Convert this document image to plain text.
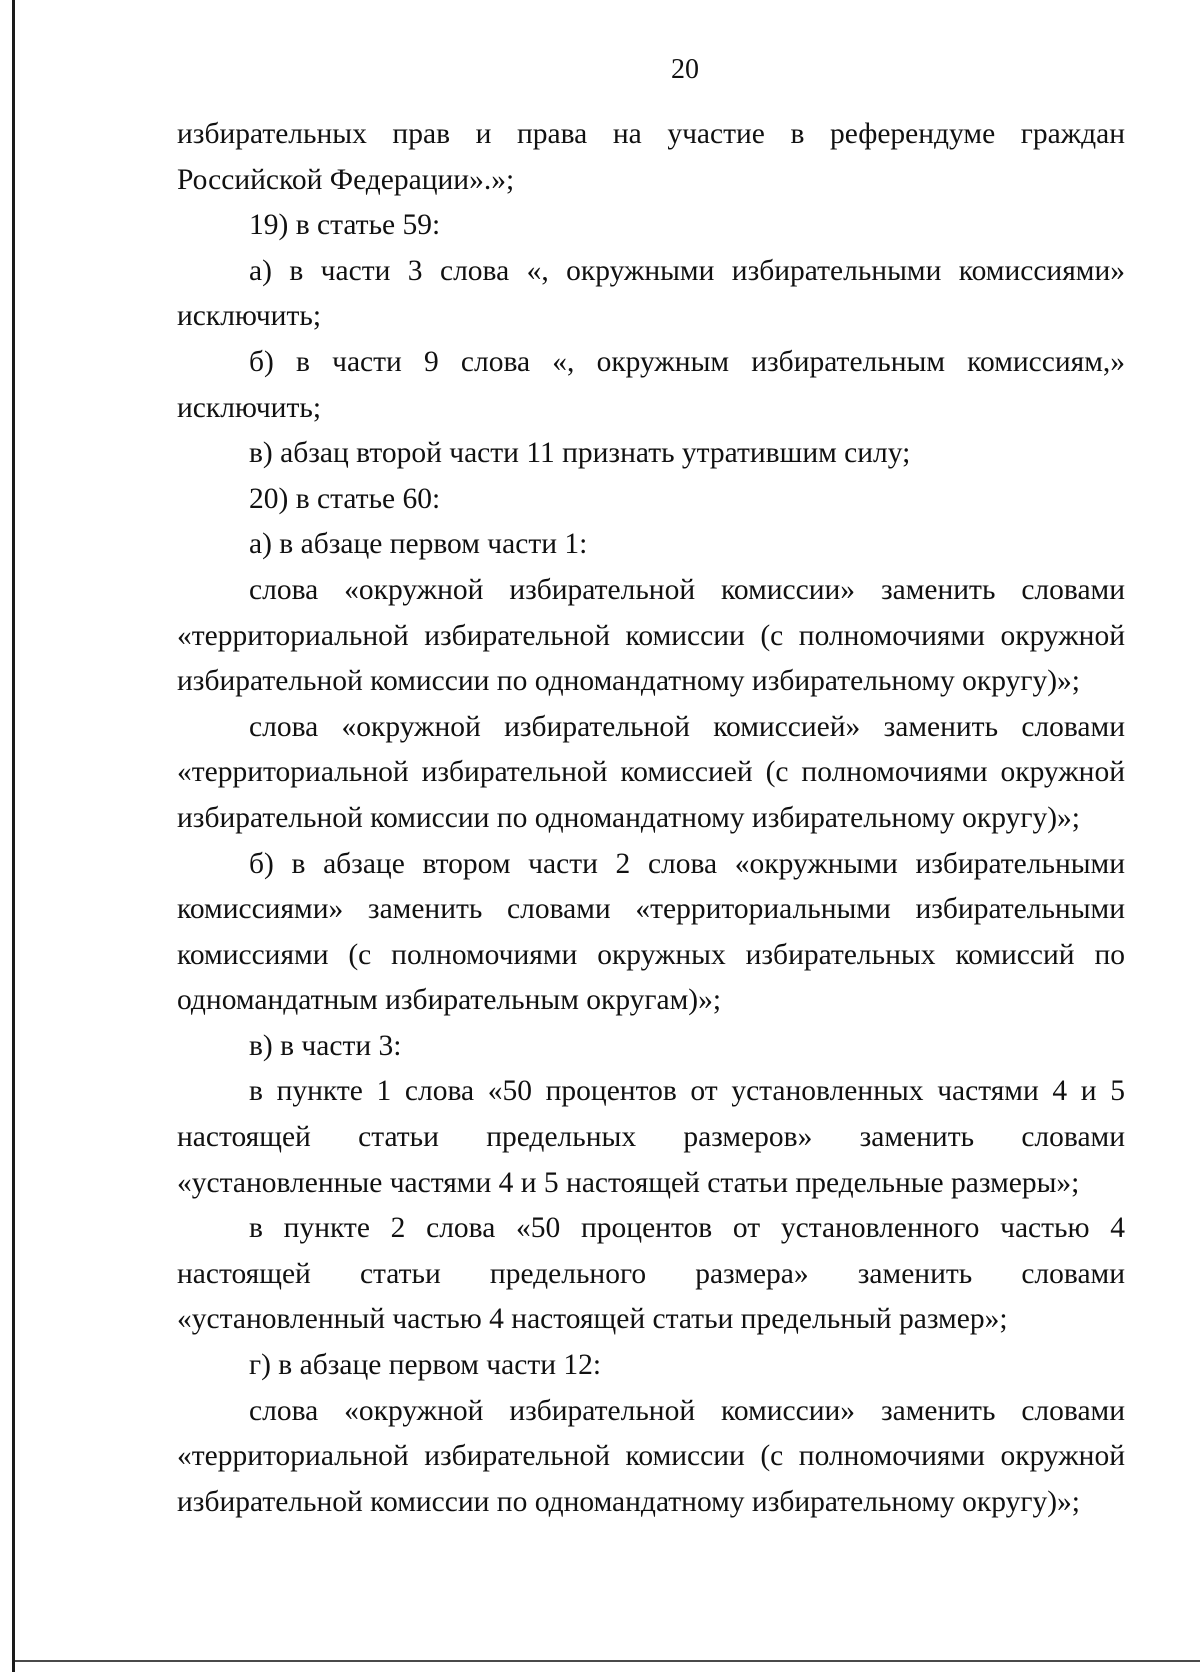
20

избирательных прав и права на участие в референдуме граждан Российской Федерации».»;

19) в статье 59:

а) в части 3 слова «, окружными избирательными комиссиями» исключить;

б) в части 9 слова «, окружным избирательным комиссиям,» исключить;

в) абзац второй части 11 признать утратившим силу;

20) в статье 60:

а) в абзаце первом части 1:

слова «окружной избирательной комиссии» заменить словами «территориальной избирательной комиссии (с полномочиями окружной избирательной комиссии по одномандатному избирательному округу)»;

слова «окружной избирательной комиссией» заменить словами «территориальной избирательной комиссией (с полномочиями окружной избирательной комиссии по одномандатному избирательному округу)»;

б) в абзаце втором части 2 слова «окружными избирательными комиссиями» заменить словами «территориальными избирательными комиссиями (с полномочиями окружных избирательных комиссий по одномандатным избирательным округам)»;

в) в части 3:

в пункте 1 слова «50 процентов от установленных частями 4 и 5 настоящей статьи предельных размеров» заменить словами «установленные частями 4 и 5 настоящей статьи предельные размеры»;

в пункте 2 слова «50 процентов от установленного частью 4 настоящей статьи предельного размера» заменить словами «установленный частью 4 настоящей статьи предельный размер»;

г) в абзаце первом части 12:

слова «окружной избирательной комиссии» заменить словами «территориальной избирательной комиссии (с полномочиями окружной избирательной комиссии по одномандатному избирательному округу)»;
